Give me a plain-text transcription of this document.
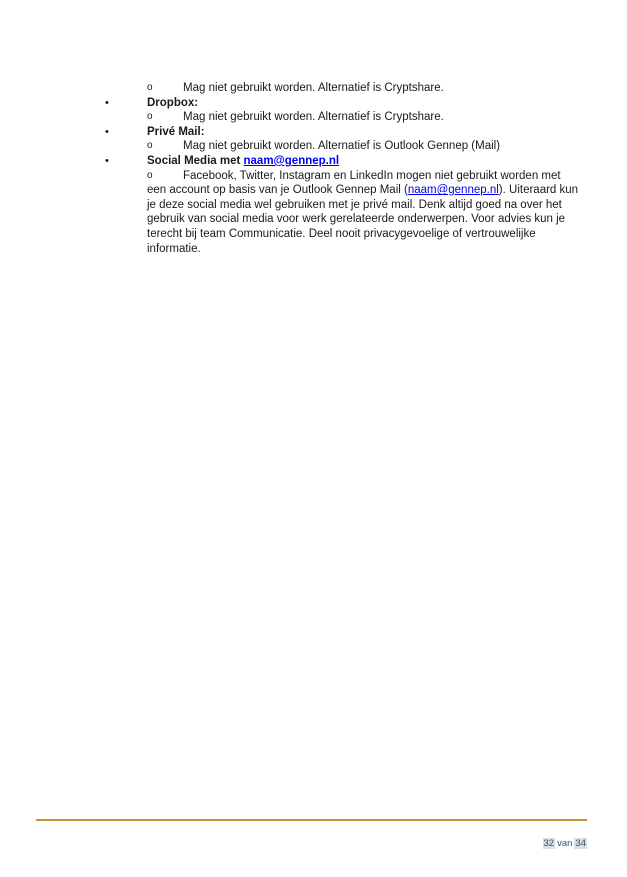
o	Mag niet gebruikt worden. Alternatief is Cryptshare.
•	Dropbox:
o	Mag niet gebruikt worden. Alternatief is Cryptshare.
•	Privé Mail:
o	Mag niet gebruikt worden. Alternatief is Outlook Gennep (Mail)
•	Social Media met naam@gennep.nl
o	Facebook, Twitter, Instagram en LinkedIn mogen niet gebruikt worden met
een account op basis van je Outlook Gennep Mail (naam@gennep.nl). Uiteraard kun
je deze social media wel gebruiken met je privé mail. Denk altijd goed na over het
gebruik van social media voor werk gerelateerde onderwerpen. Voor advies kun je
terecht bij team Communicatie. Deel nooit privacygevoelige of vertrouwelijke
informatie.
32 van 34
